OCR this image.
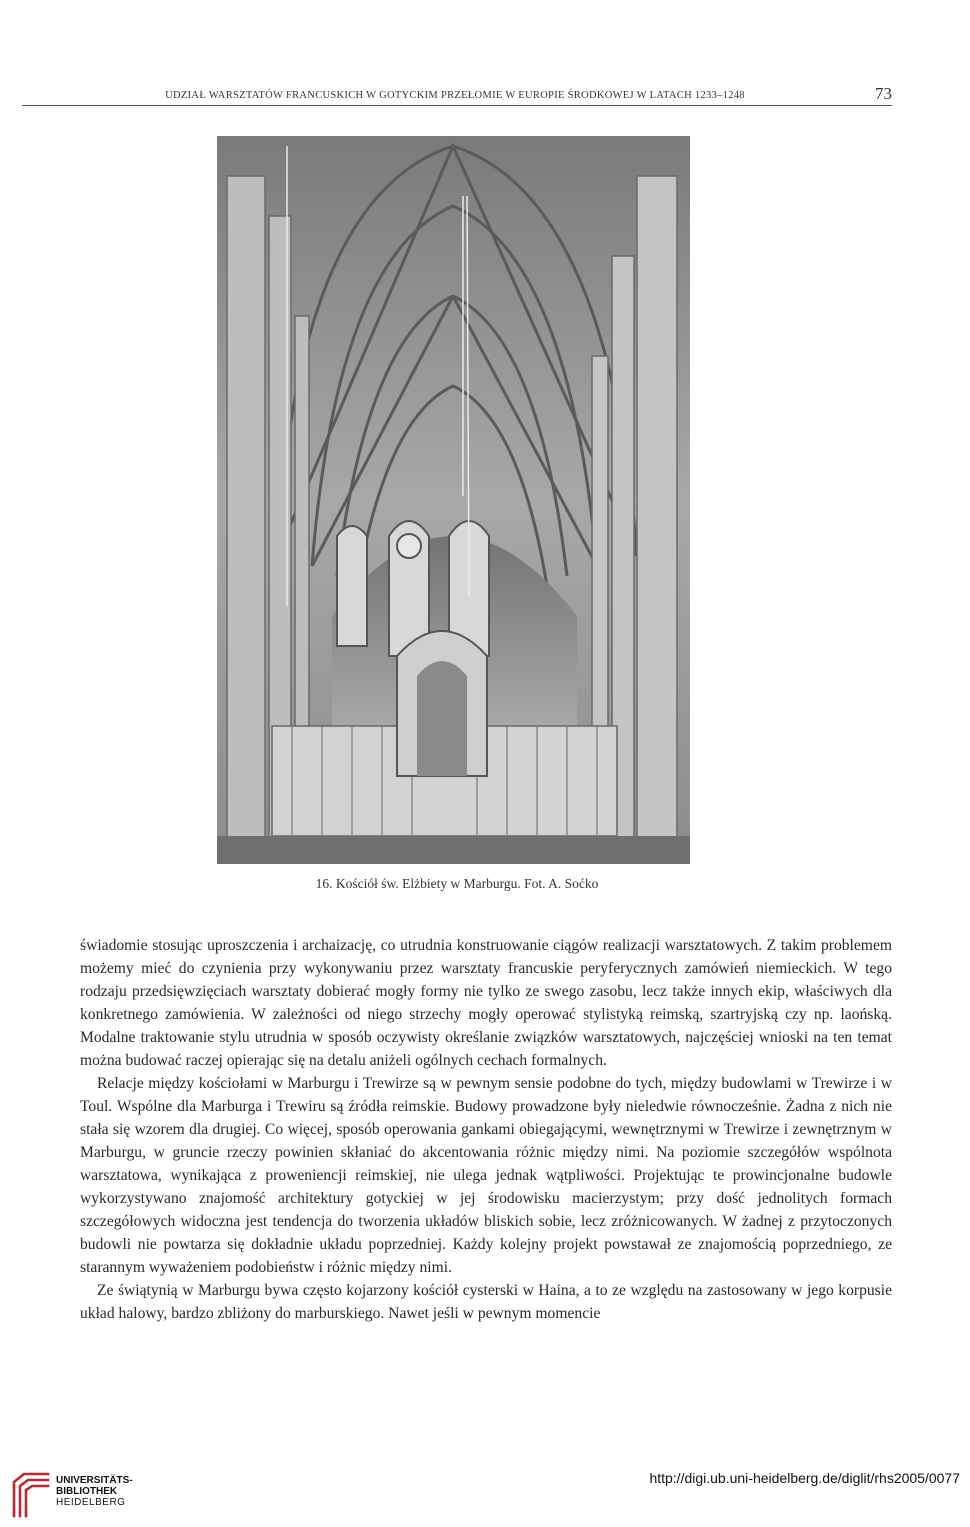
UDZIAŁ WARSZTATÓW FRANCUSKICH W GOTYCKIM PRZEŁOMIE W EUROPIE ŚRODKOWEJ W LATACH 1233–1248	73
16. Kościół św. Elżbiety w Marburgu. Fot. A. Soćko

świadomie stosując uproszczenia i archaizację, co utrudnia konstruowanie ciągów realizacji warsztatowych. Z takim problemem możemy mieć do czynienia przy wykonywaniu przez warsztaty francuskie peryferycznych zamówień niemieckich. W tego rodzaju przedsięwzięciach warsztaty dobierać mogły formy nie tylko ze swego zasobu, lecz także innych ekip, właściwych dla konkretnego zamówienia. W zależności od niego strzechy mogły operować stylistyką reimską, szartryjską czy np. laońską. Modalne traktowanie stylu utrudnia w sposób oczywisty określanie związków warsztatowych, najczęściej wnioski na ten temat można budować raczej opierając się na detalu aniżeli ogólnych cechach formalnych.

Relacje między kościołami w Marburgu i Trewirze są w pewnym sensie podobne do tych, między budowlami w Trewirze i w Toul. Wspólne dla Marburga i Trewiru są źródła reimskie. Budowy prowadzone były nieledwie równocześnie. Żadna z nich nie stała się wzorem dla drugiej. Co więcej, sposób operowania gankami obiegającymi, wewnętrznymi w Trewirze i zewnętrznym w Marburgu, w gruncie rzeczy powinien skłaniać do akcentowania różnic między nimi. Na poziomie szczegółów wspólnota warsztatowa, wynikająca z proweniencji reimskiej, nie ulega jednak wątpliwości. Projektując te prowincjonalne budowle wykorzystywano znajomość architektury gotyckiej w jej środowisku macierzystym; przy dość jednolitych formach szczegółowych widoczna jest tendencja do tworzenia układów bliskich sobie, lecz zróżnicowanych. W żadnej z przytoczonych budowli nie powtarza się dokładnie układu poprzedniej. Każdy kolejny projekt powstawał ze znajomością poprzedniego, ze starannym wyważeniem podobieństw i różnic między nimi.

Ze świątynią w Marburgu bywa często kojarzony kościół cysterski w Haina, a to ze względu na zastosowany w jego korpusie układ halowy, bardzo zbliżony do marburskiego. Nawet jeśli w pewnym momencie

UNIVERSITÄTS-
BIBLIOTHEK
HEIDELBERG
http://digi.ub.uni-heidelberg.de/diglit/rhs2005/0077
